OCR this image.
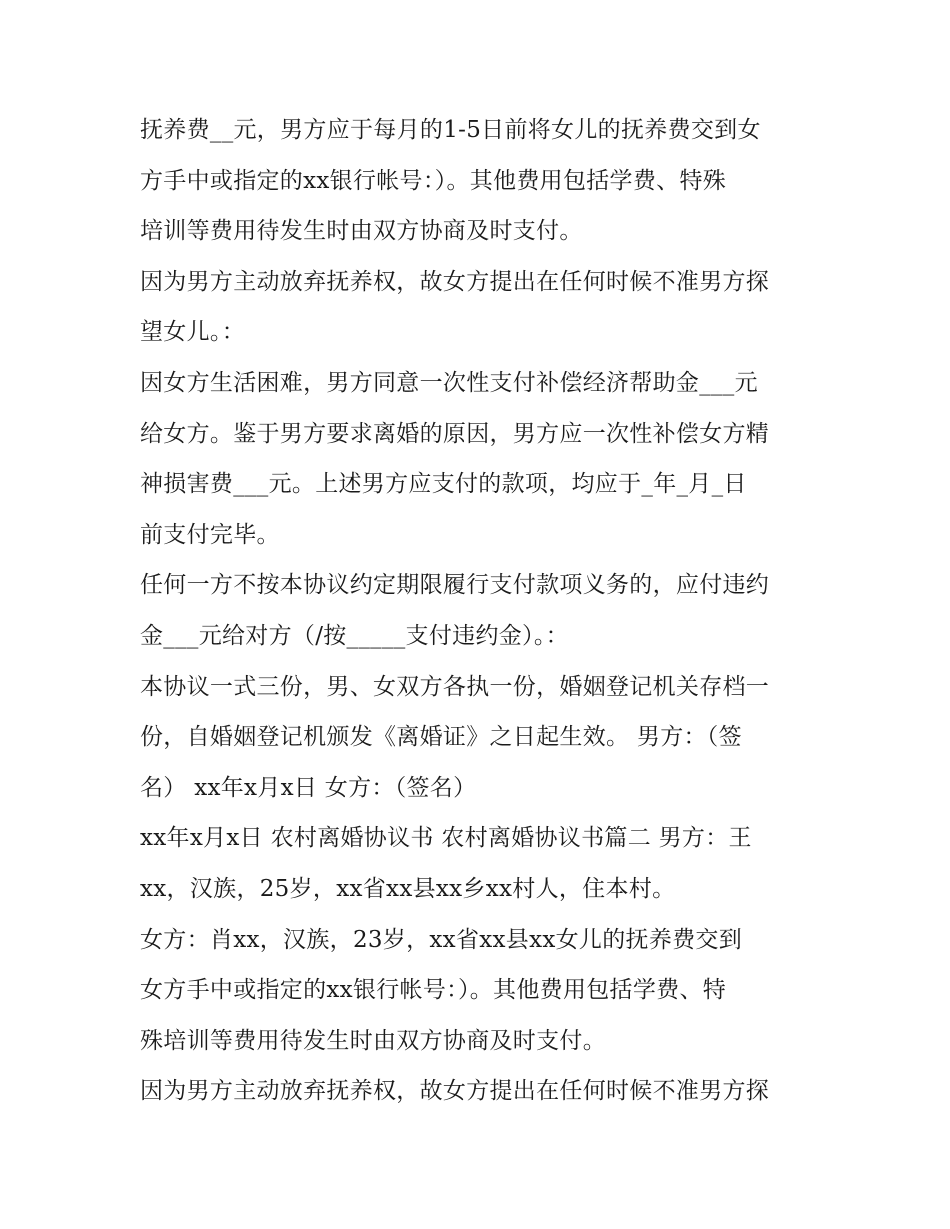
抚养费__元，男方应于每月的1-5日前将女儿的抚养费交到女
方手中或指定的xx银行帐号：）。其他费用包括学费、特殊
培训等费用待发生时由双方协商及时支付。
因为男方主动放弃抚养权，故女方提出在任何时候不准男方探
望女儿。：
因女方生活困难，男方同意一次性支付补偿经济帮助金___元
给女方。鉴于男方要求离婚的原因，男方应一次性补偿女方精
神损害费___元。上述男方应支付的款项，均应于_年_月_日
前支付完毕。
任何一方不按本协议约定期限履行支付款项义务的，应付违约
金___元给对方（/按_____支付违约金）。：
本协议一式三份，男、女双方各执一份，婚姻登记机关存档一
份，自婚姻登记机颁发《离婚证》之日起生效。 男方：（签
名） xx年x月x日 女方：（签名）
xx年x月x日 农村离婚协议书 农村离婚协议书篇二 男方：王
xx，汉族，25岁，xx省xx县xx乡xx村人，住本村。
女方：肖xx，汉族，23岁，xx省xx县xx女儿的抚养费交到
女方手中或指定的xx银行帐号：）。其他费用包括学费、特
殊培训等费用待发生时由双方协商及时支付。
因为男方主动放弃抚养权，故女方提出在任何时候不准男方探
